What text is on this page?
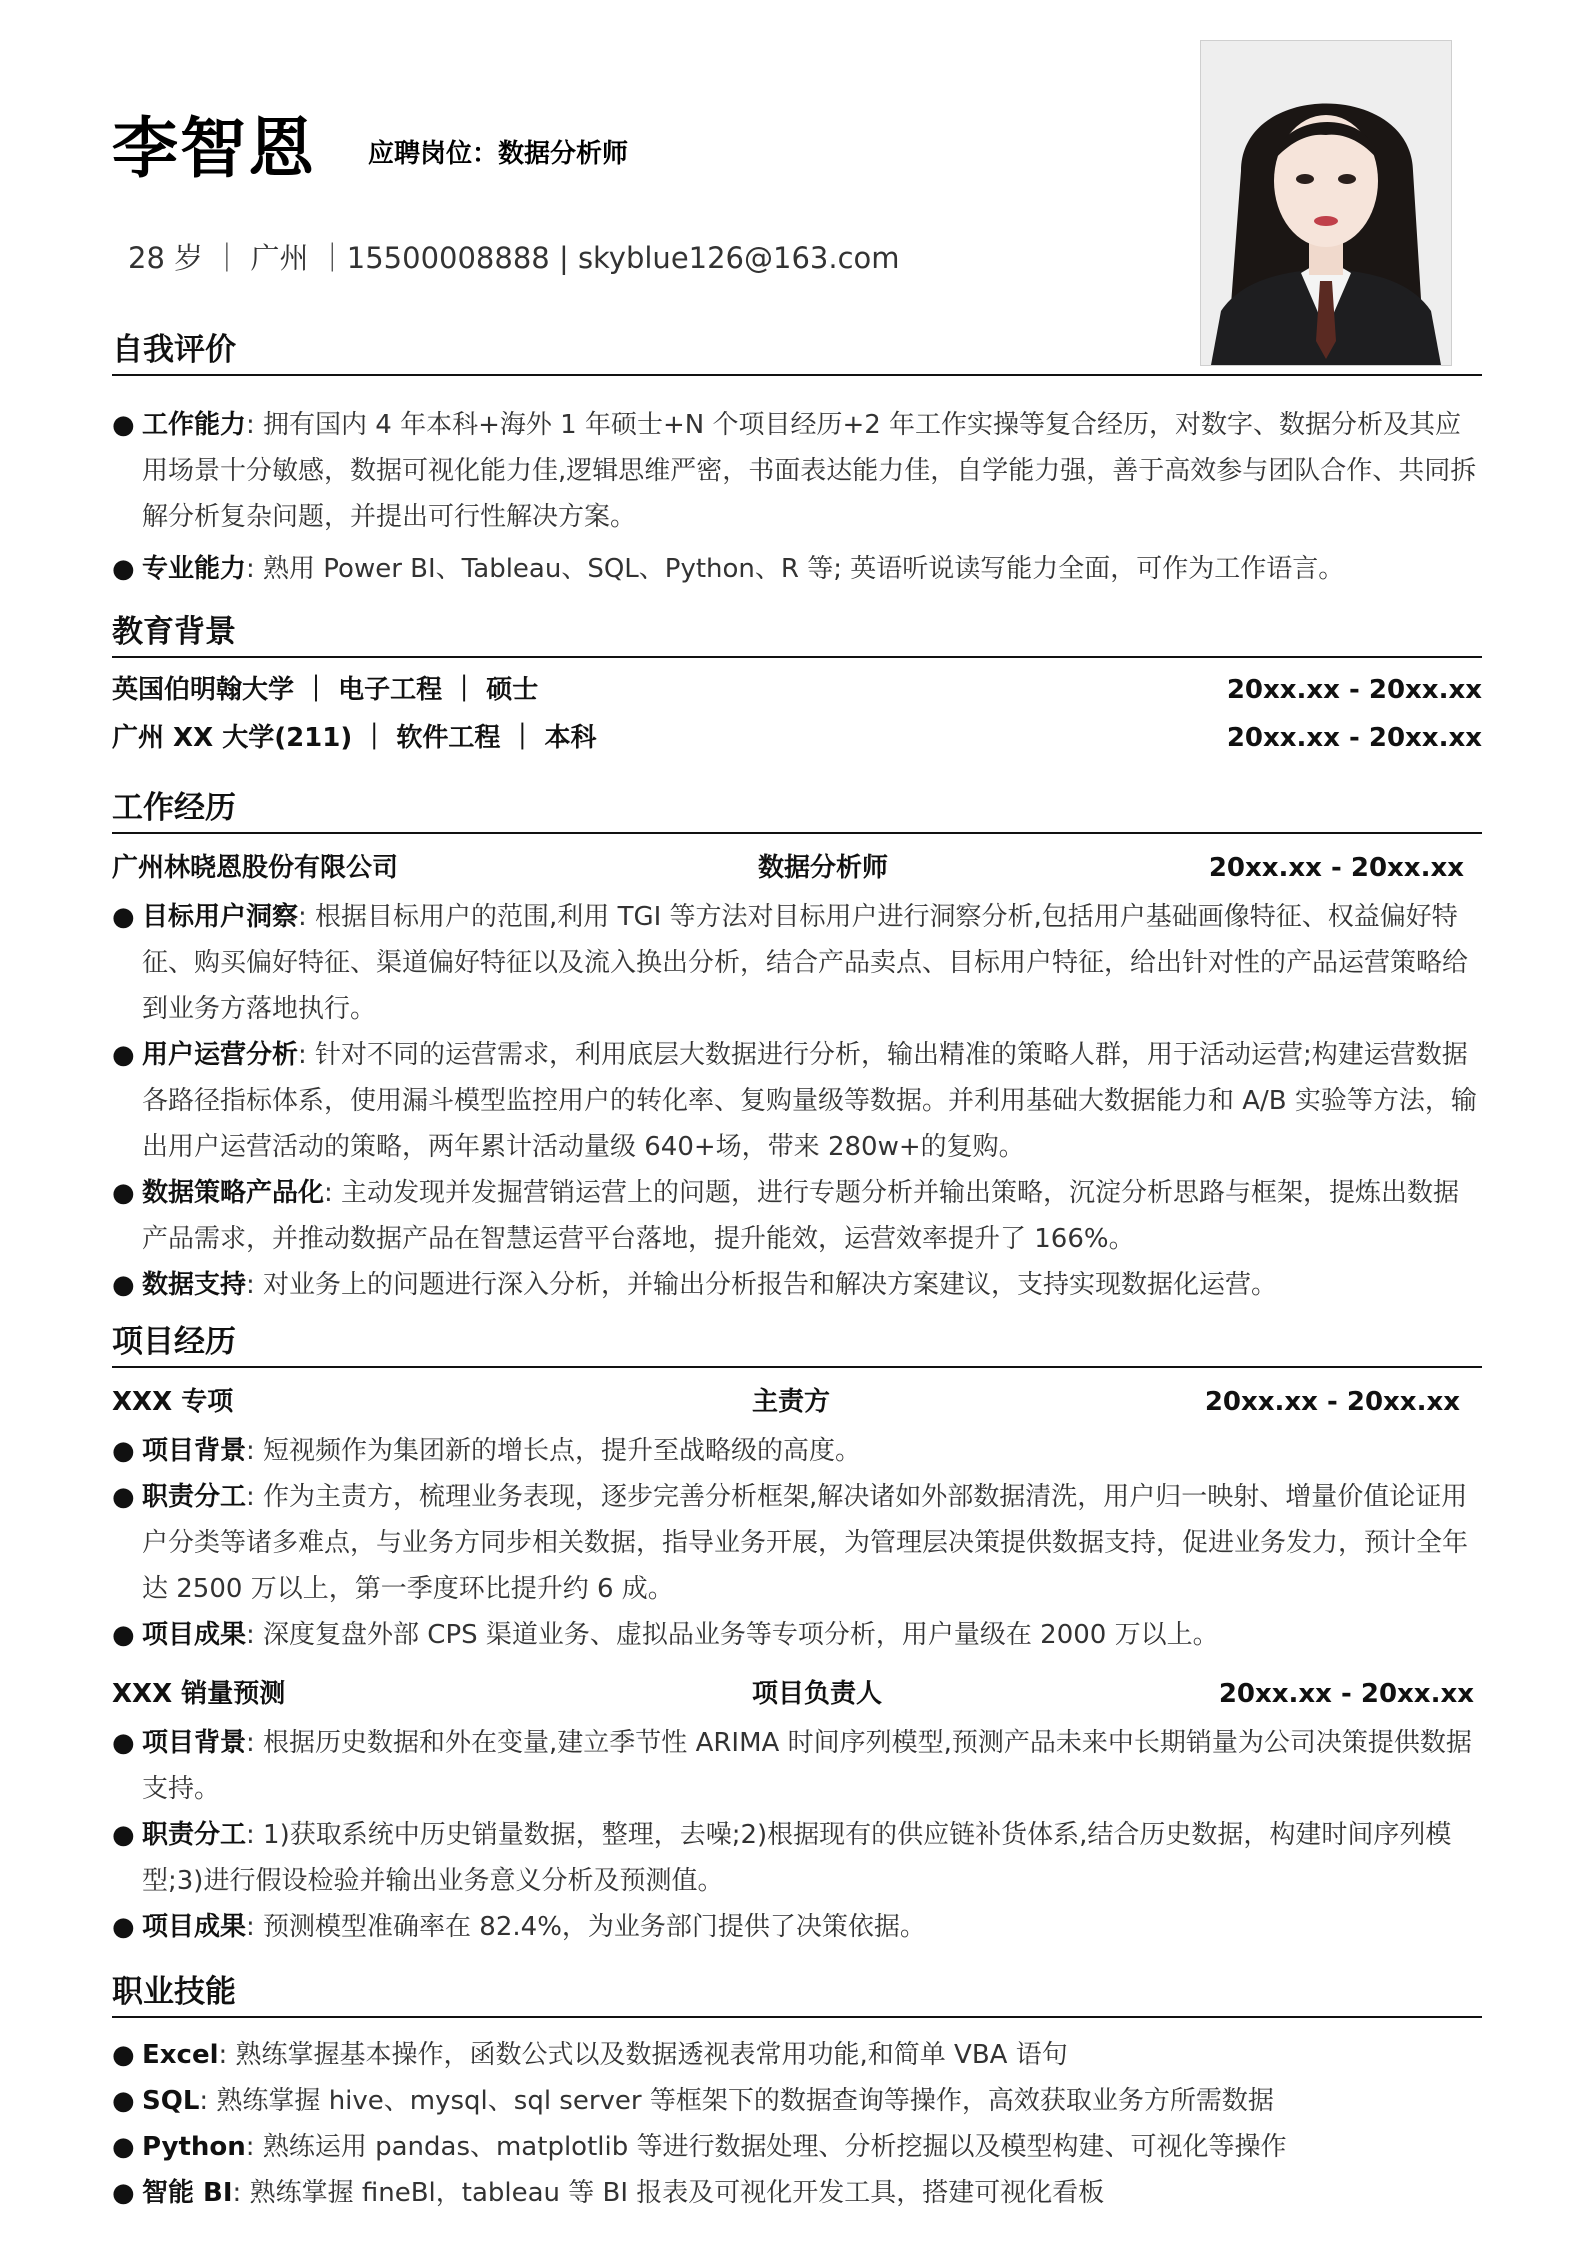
李智恩 应聘岗位：数据分析师
28 岁 ｜ 广州 ｜15500008888 | skyblue126@163.com
自我评价
● 工作能力: 拥有国内 4 年本科+海外 1 年硕士+N 个项目经历+2 年工作实操等复合经历，对数字、数据分析及其应用场景十分敏感，数据可视化能力佳,逻辑思维严密，书面表达能力佳，自学能力强，善于高效参与团队合作、共同拆解分析复杂问题，并提出可行性解决方案。
● 专业能力: 熟用 Power BI、Tableau、SQL、Python、R 等; 英语听说读写能力全面，可作为工作语言。
教育背景
英国伯明翰大学 ｜ 电子工程 ｜ 硕士	20xx.xx - 20xx.xx
广州 XX 大学(211) ｜ 软件工程 ｜ 本科	20xx.xx - 20xx.xx
工作经历
广州林晓恩股份有限公司	数据分析师	20xx.xx - 20xx.xx
● 目标用户洞察: 根据目标用户的范围,利用 TGI 等方法对目标用户进行洞察分析,包括用户基础画像特征、权益偏好特征、购买偏好特征、渠道偏好特征以及流入换出分析，结合产品卖点、目标用户特征，给出针对性的产品运营策略给到业务方落地执行。
● 用户运营分析: 针对不同的运营需求，利用底层大数据进行分析，输出精准的策略人群，用于活动运营;构建运营数据各路径指标体系，使用漏斗模型监控用户的转化率、复购量级等数据。并利用基础大数据能力和 A/B 实验等方法，输出用户运营活动的策略，两年累计活动量级 640+场，带来 280w+的复购。
● 数据策略产品化: 主动发现并发掘营销运营上的问题，进行专题分析并输出策略，沉淀分析思路与框架，提炼出数据产品需求，并推动数据产品在智慧运营平台落地，提升能效，运营效率提升了 166%。
● 数据支持: 对业务上的问题进行深入分析，并输出分析报告和解决方案建议，支持实现数据化运营。
项目经历
XXX 专项	主责方	20xx.xx - 20xx.xx
● 项目背景: 短视频作为集团新的增长点，提升至战略级的高度。
● 职责分工: 作为主责方，梳理业务表现，逐步完善分析框架,解决诸如外部数据清洗，用户归一映射、增量价值论证用户分类等诸多难点，与业务方同步相关数据，指导业务开展，为管理层决策提供数据支持，促进业务发力，预计全年达 2500 万以上，第一季度环比提升约 6 成。
● 项目成果: 深度复盘外部 CPS 渠道业务、虚拟品业务等专项分析，用户量级在 2000 万以上。
XXX 销量预测	项目负责人	20xx.xx - 20xx.xx
● 项目背景: 根据历史数据和外在变量,建立季节性 ARIMA 时间序列模型,预测产品未来中长期销量为公司决策提供数据支持。
● 职责分工: 1)获取系统中历史销量数据，整理，去噪;2)根据现有的供应链补货体系,结合历史数据，构建时间序列模型;3)进行假设检验并输出业务意义分析及预测值。
● 项目成果: 预测模型准确率在 82.4%，为业务部门提供了决策依据。
职业技能
● Excel: 熟练掌握基本操作，函数公式以及数据透视表常用功能,和简单 VBA 语句
● SQL: 熟练掌握 hive、mysql、sql server 等框架下的数据查询等操作，高效获取业务方所需数据
● Python: 熟练运用 pandas、matplotlib 等进行数据处理、分析挖掘以及模型构建、可视化等操作
● 智能 BI: 熟练掌握 fineBl，tableau 等 BI 报表及可视化开发工具，搭建可视化看板
